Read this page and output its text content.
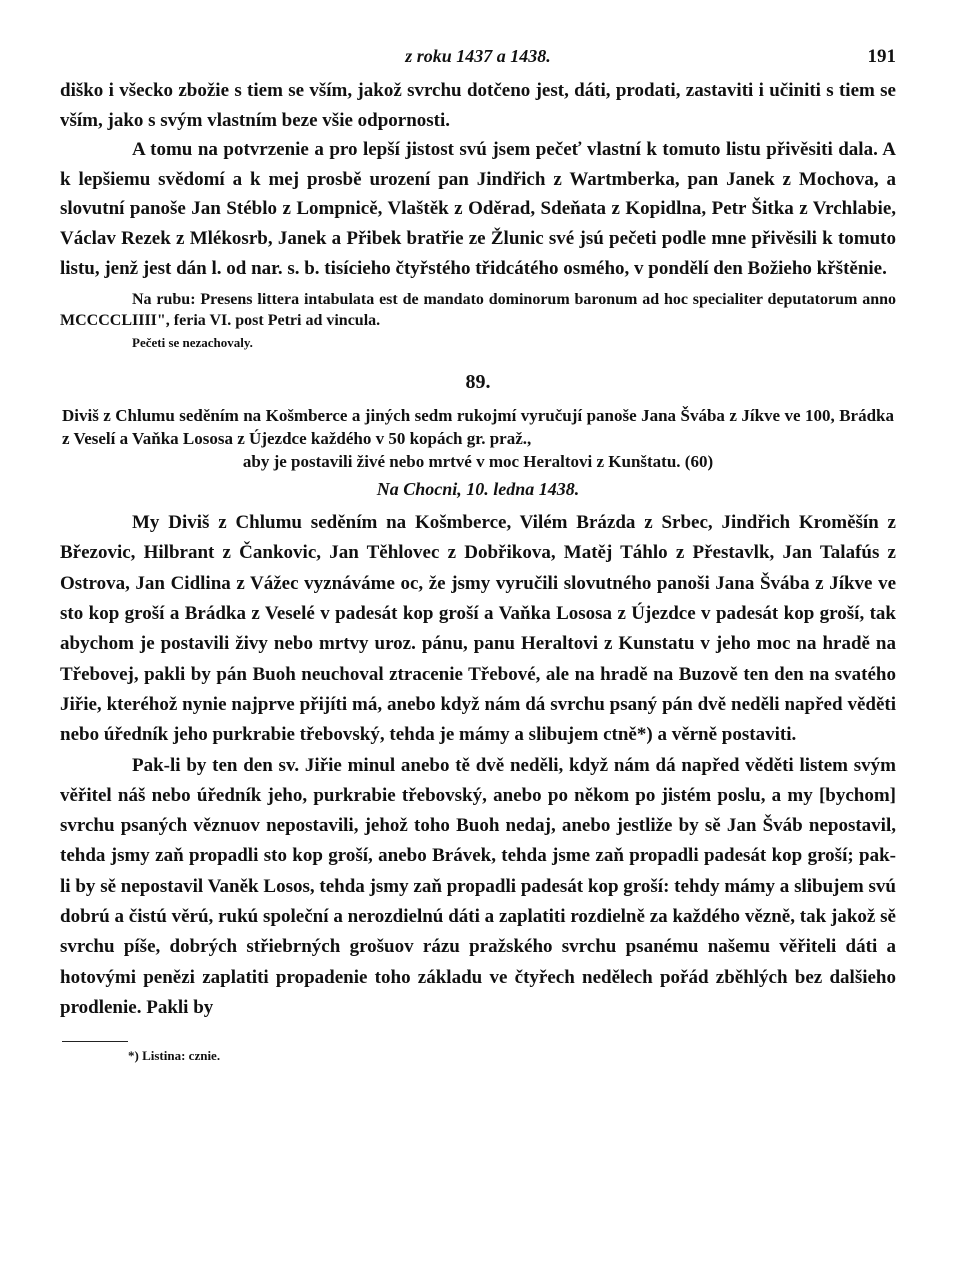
z roku 1437 a 1438.	191

diško i všecko zbožie s tiem se vším, jakož svrchu dotčeno jest, dáti, prodati, zastaviti i učiniti s tiem se vším, jako s svým vlastním beze všie odpornosti.

A tomu na potvrzenie a pro lepší jistost svú jsem pečeť vlastní k tomuto listu přivěsiti dala. A k lepšiemu svědomí a k mej prosbě urození pan Jindřich z Wartmberka, pan Janek z Mochova, a slovutní panoše Jan Stéblo z Lompnicě, Vlaštěk z Oděrad, Sdeňata z Kopidlna, Petr Šitka z Vrchlabie, Václav Rezek z Mlékosrb, Janek a Přibek bratřie ze Žlunic své jsú pečeti podle mne přivěsili k tomuto listu, jenž jest dán l. od nar. s. b. tisícieho čtyřstého třidcátého osmého, v pondělí den Božieho křštěnie.

Na rubu: Presens littera intabulata est de mandato dominorum baronum ad hoc specialiter deputatorum anno MCCCCLIIII", feria VI. post Petri ad vincula.
Pečeti se nezachovaly.
89.
Diviš z Chlumu seděním na Košmberce a jiných sedm rukojmí vyručují panoše Jana Švába z Jíkve ve 100, Brádka z Veselí a Vaňka Lososa z Újezdce každého v 50 kopách gr. praž.,
aby je postavili živé nebo mrtvé v moc Heraltovi z Kunštatu. (60)
Na Chocni, 10. ledna 1438.

My Diviš z Chlumu seděním na Košmberce, Vilém Brázda z Srbec, Jindřich Kroměšín z Březovic, Hilbrant z Čankovic, Jan Těhlovec z Dobřikova, Matěj Táhlo z Přestavlk, Jan Talafús z Ostrova, Jan Cidlina z Vážec vyznáváme oc, že jsmy vyručili slovutného panoši Jana Švába z Jíkve ve sto kop groší a Brádka z Veselé v padesát kop groší a Vaňka Lososa z Újezdce v padesát kop groší, tak abychom je postavili živy nebo mrtvy uroz. pánu, panu Heraltovi z Kunstatu v jeho moc na hradě na Třebovej, pakli by pán Buoh neuchoval ztracenie Třebové, ale na hradě na Buzově ten den na svatého Jiřie, kteréhož nynie najprve přijíti má, anebo když nám dá svrchu psaný pán dvě neděli napřed věděti nebo úředník jeho purkrabie třebovský, tehda je mámy a slibujem ctně*) a věrně postaviti.

Pak-li by ten den sv. Jiřie minul anebo tě dvě neděli, když nám dá napřed věděti listem svým věřitel náš nebo úředník jeho, purkrabie třebovský, anebo po někom po jistém poslu, a my [bychom] svrchu psaných věznuov nepostavili, jehož toho Buoh nedaj, anebo jestliže by sě Jan Šváb nepostavil, tehda jsmy zaň propadli sto kop groší, anebo Brávek, tehda jsme zaň propadli padesát kop groší; pak-li by sě nepostavil Vaněk Losos, tehda jsmy zaň propadli padesát kop groší: tehdy mámy a slibujem svú dobrú a čistú věrú, rukú společní a nerozdielnú dáti a zaplatiti rozdielně za každého vězně, tak jakož sě svrchu píše, dobrých střiebrných grošuov rázu pražského svrchu psanému našemu věřiteli dáti a hotovými penězi zaplatiti propadenie toho základu ve čtyřech nedělech pořád zběhlých bez dalšieho prodlenie. Pakli by

*) Listina: cznie.
